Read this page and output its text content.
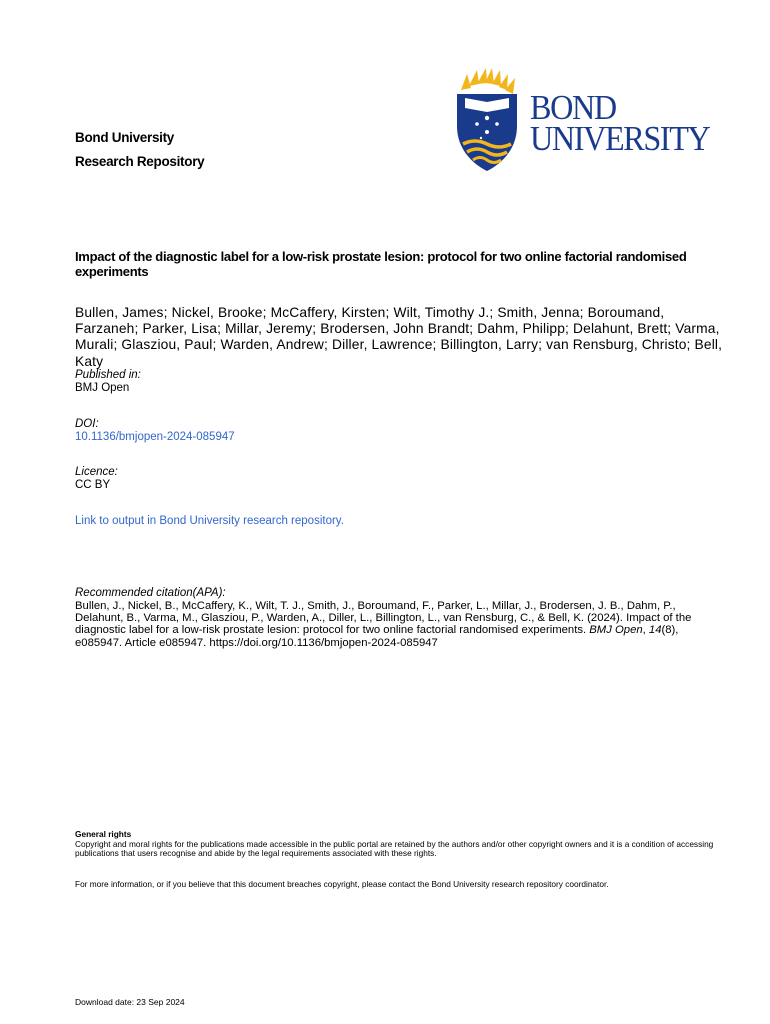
Bond University
Research Repository
BOND
UNIVERSITY
Impact of the diagnostic label for a low-risk prostate lesion: protocol for two online factorial randomised experiments
Bullen, James; Nickel, Brooke; McCaffery, Kirsten; Wilt, Timothy J.; Smith, Jenna; Boroumand, Farzaneh; Parker, Lisa; Millar, Jeremy; Brodersen, John Brandt; Dahm, Philipp; Delahunt, Brett; Varma, Murali; Glasziou, Paul; Warden, Andrew; Diller, Lawrence; Billington, Larry; van Rensburg, Christo; Bell, Katy
Published in:
BMJ Open
DOI:
10.1136/bmjopen-2024-085947
Licence:
CC BY
Link to output in Bond University research repository.
Recommended citation(APA):
Bullen, J., Nickel, B., McCaffery, K., Wilt, T. J., Smith, J., Boroumand, F., Parker, L., Millar, J., Brodersen, J. B., Dahm, P., Delahunt, B., Varma, M., Glasziou, P., Warden, A., Diller, L., Billington, L., van Rensburg, C., & Bell, K. (2024). Impact of the diagnostic label for a low-risk prostate lesion: protocol for two online factorial randomised experiments. BMJ Open, 14(8), e085947. Article e085947. https://doi.org/10.1136/bmjopen-2024-085947
General rights
Copyright and moral rights for the publications made accessible in the public portal are retained by the authors and/or other copyright owners and it is a condition of accessing publications that users recognise and abide by the legal requirements associated with these rights.
For more information, or if you believe that this document breaches copyright, please contact the Bond University research repository coordinator.
Download date: 23 Sep 2024
